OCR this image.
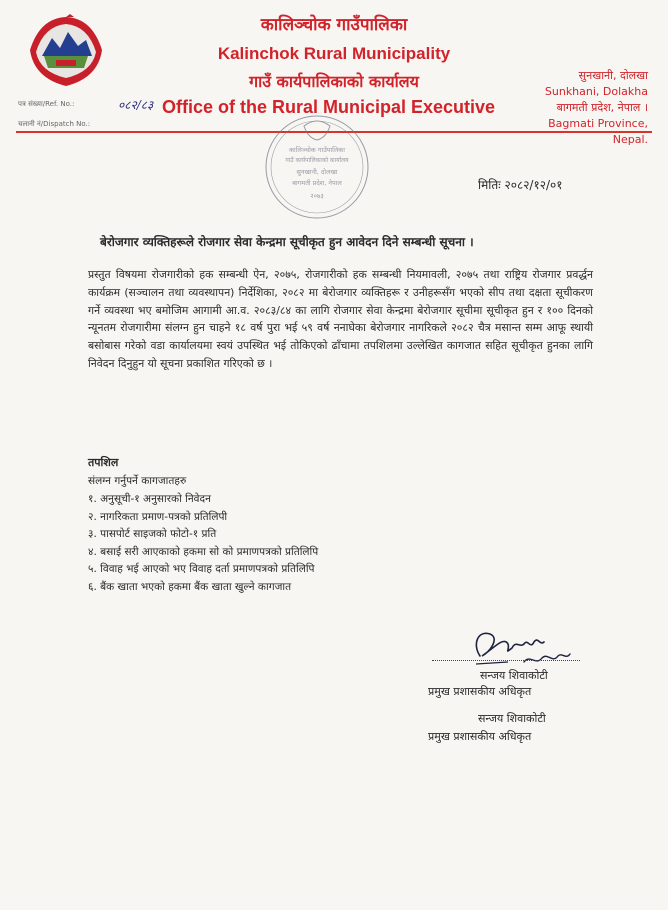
कालिञ्चोक गाउँपालिका
Kalinchok Rural Municipality
गाउँ कार्यपालिकाको कार्यालय
Office of the Rural Municipal Executive
सुनखानी, दोलखा
Sunkhani, Dolakha
बागमती प्रदेश, नेपाल ।
Bagmati Province, Nepal.
पत्र संख्या/Ref. No.:	०८२/८३
चलानी नं/Dispatch No.:
कालिञ्चोक गाउँपालिका
गाउँ कार्यपालिकाको कार्यालय
सुनखानी, दोलखा
बागमती प्रदेश, नेपाल
२०७३
मितिः २०८२/१२/०१
बेरोजगार व्यक्तिहरूले रोजगार सेवा केन्द्रमा सूचीकृत हुन आवेदन दिने सम्बन्धी सूचना ।
प्रस्तुत विषयमा रोजगारीको हक सम्बन्धी ऐन, २०७५, रोजगारीको हक सम्बन्धी नियमावली, २०७५ तथा राष्ट्रिय रोजगार प्रवर्द्धन कार्यक्रम (सञ्चालन तथा व्यवस्थापन) निर्देशिका, २०८२ मा बेरोजगार व्यक्तिहरू र उनीहरूसँग भएको सीप तथा दक्षता सूचीकरण गर्ने व्यवस्था भए बमोजिम आगामी आ.व. २०८३/८४ का लागि रोजगार सेवा केन्द्रमा बेरोजगार सूचीमा सूचीकृत हुन र १०० दिनको न्यूनतम रोजगारीमा संलग्न हुन चाहने १८ वर्ष पुरा भई ५९ वर्ष ननाघेका बेरोजगार नागरिकले २०८२ चैत्र मसान्त सम्म आफू स्थायी बसोबास गरेको वडा कार्यालयमा स्वयं उपस्थित भई तोकिएको ढाँचामा तपशिलमा उल्लेखित कागजात सहित सूचीकृत हुनका लागि निवेदन दिनुहुन यो सूचना प्रकाशित गरिएको छ ।
तपशिल
संलग्न गर्नुपर्ने कागजातहरु
१. अनुसूची-१ अनुसारको निवेदन
२. नागरिकता प्रमाण-पत्रको प्रतिलिपी
३. पासपोर्ट साइजको फोटो-१ प्रति
४. बसाई सरी आएकाको हकमा सो को प्रमाणपत्रको प्रतिलिपि
५. विवाह भई आएको भए विवाह दर्ता प्रमाणपत्रको प्रतिलिपि
६. बैंक खाता भएको हकमा बैंक खाता खुल्ने कागजात
सन्जय शिवाकोटी
प्रमुख प्रशासकीय अधिकृत
सन्जय शिवाकोटी
प्रमुख प्रशासकीय अधिकृत
